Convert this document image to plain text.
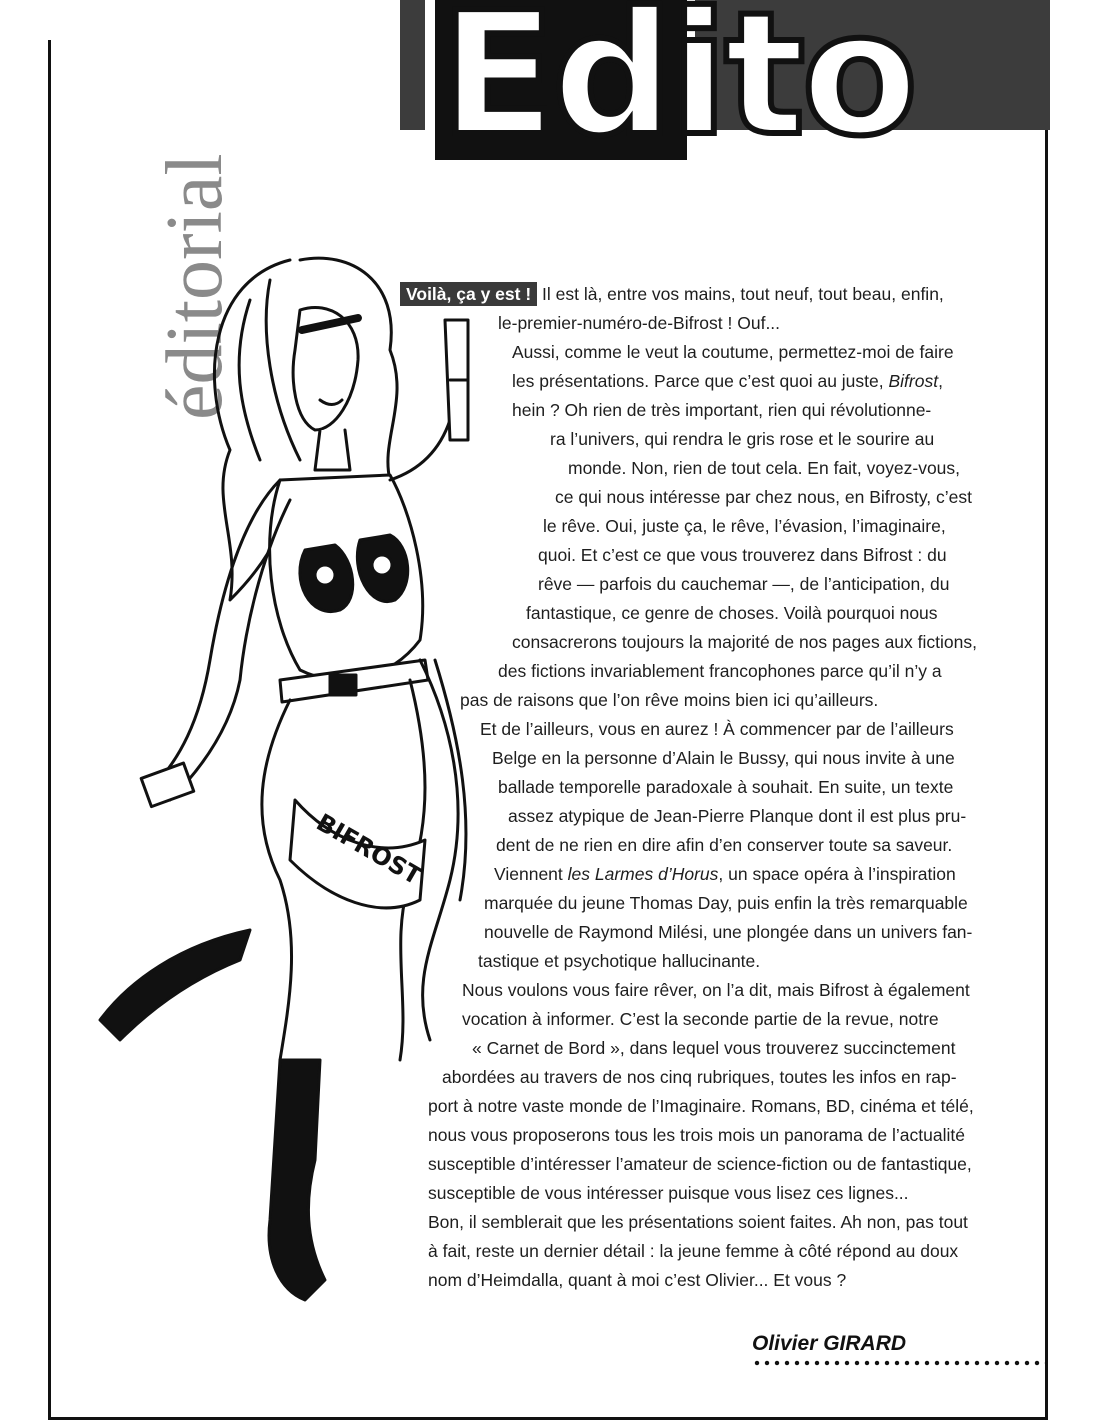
Edito
éditorial
BIFROST
Voilà, ça y est ! Il est là, entre vos mains, tout neuf, tout beau, enfin,
le-premier-numéro-de-Bifrost ! Ouf...
Aussi, comme le veut la coutume, permettez-moi de faire
les présentations. Parce que c’est quoi au juste, Bifrost,
hein ? Oh rien de très important, rien qui révolutionne-
ra l’univers, qui rendra le gris rose et le sourire au
monde. Non, rien de tout cela. En fait, voyez-vous,
ce qui nous intéresse par chez nous, en Bifrosty, c’est
le rêve. Oui, juste ça, le rêve, l’évasion, l’imaginaire,
quoi. Et c’est ce que vous trouverez dans Bifrost : du
rêve — parfois du cauchemar —, de l’anticipation, du
fantastique, ce genre de choses. Voilà pourquoi nous
consacrerons toujours la majorité de nos pages aux fictions,
des fictions invariablement francophones parce qu’il n’y a
pas de raisons que l’on rêve moins bien ici qu’ailleurs.
Et de l’ailleurs, vous en aurez ! À commencer par de l’ailleurs
Belge en la personne d’Alain le Bussy, qui nous invite à une
ballade temporelle paradoxale à souhait. En suite, un texte
assez atypique de Jean-Pierre Planque dont il est plus pru-
dent de ne rien en dire afin d’en conserver toute sa saveur.
Viennent les Larmes d’Horus, un space opéra à l’inspiration
marquée du jeune Thomas Day, puis enfin la très remarquable
nouvelle de Raymond Milési, une plongée dans un univers fan-
tastique et psychotique hallucinante.
Nous voulons vous faire rêver, on l’a dit, mais Bifrost à également
vocation à informer. C’est la seconde partie de la revue, notre
« Carnet de Bord », dans lequel vous trouverez succinctement
abordées au travers de nos cinq rubriques, toutes les infos en rap-
port à notre vaste monde de l’Imaginaire. Romans, BD, cinéma et télé,
nous vous proposerons tous les trois mois un panorama de l’actualité
susceptible d’intéresser l’amateur de science-fiction ou de fantastique,
susceptible de vous intéresser puisque vous lisez ces lignes...
Bon, il semblerait que les présentations soient faites. Ah non, pas tout
à fait, reste un dernier détail : la jeune femme à côté répond au doux
nom d’Heimdalla, quant à moi c’est Olivier... Et vous ?
Olivier GIRARD
